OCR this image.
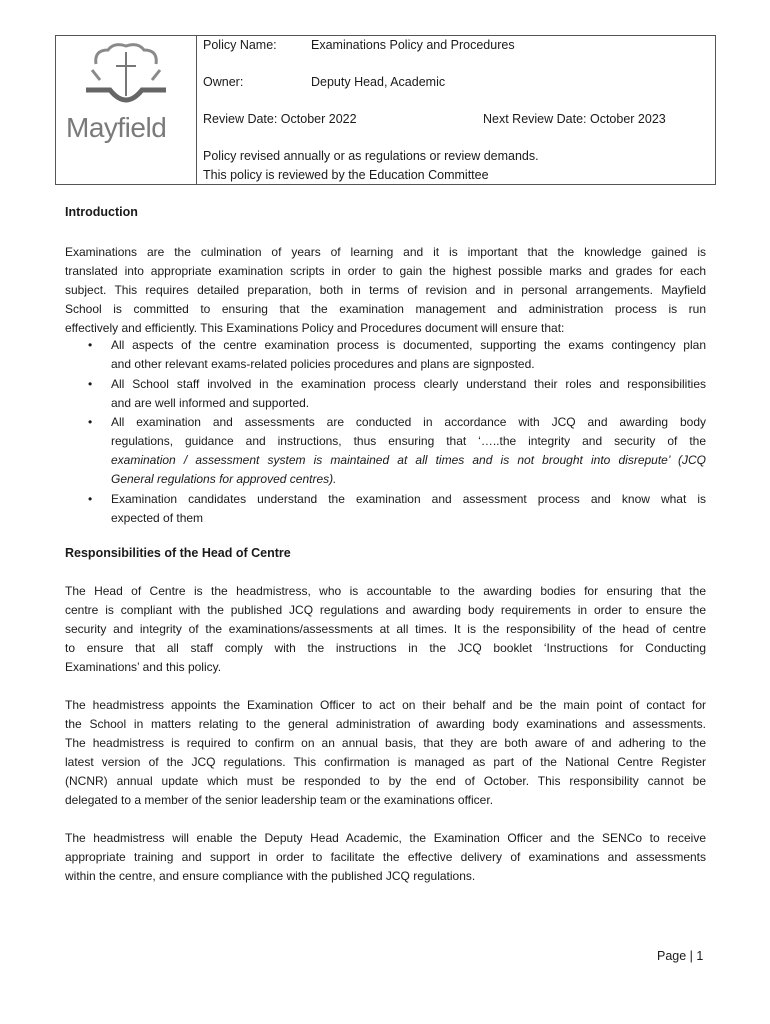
Mayfield
Policy Name:	Examinations Policy and Procedures
Owner:	Deputy Head, Academic
Review Date: October 2022	Next Review Date: October 2023
Policy revised annually or as regulations or review demands.
This policy is reviewed by the Education Committee
Introduction
Examinations are the culmination of years of learning and it is important that the knowledge gained is
translated into appropriate examination scripts in order to gain the highest possible marks and grades for each
subject. This requires detailed preparation, both in terms of revision and in personal arrangements. Mayfield
School is committed to ensuring that the examination management and administration process is run
effectively and efficiently. This Examinations Policy and Procedures document will ensure that:
• All aspects of the centre examination process is documented, supporting the exams contingency plan
and other relevant exams-related policies procedures and plans are signposted.
• All School staff involved in the examination process clearly understand their roles and responsibilities
and are well informed and supported.
• All examination and assessments are conducted in accordance with JCQ and awarding body
regulations, guidance and instructions, thus ensuring that ‘…..the integrity and security of the
examination / assessment system is maintained at all times and is not brought into disrepute’ (JCQ
General regulations for approved centres).
• Examination candidates understand the examination and assessment process and know what is
expected of them
Responsibilities of the Head of Centre
The Head of Centre is the headmistress, who is accountable to the awarding bodies for ensuring that the
centre is compliant with the published JCQ regulations and awarding body requirements in order to ensure the
security and integrity of the examinations/assessments at all times. It is the responsibility of the head of centre
to ensure that all staff comply with the instructions in the JCQ booklet ‘Instructions for Conducting
Examinations’ and this policy.
The headmistress appoints the Examination Officer to act on their behalf and be the main point of contact for
the School in matters relating to the general administration of awarding body examinations and assessments.
The headmistress is required to confirm on an annual basis, that they are both aware of and adhering to the
latest version of the JCQ regulations. This confirmation is managed as part of the National Centre Register
(NCNR) annual update which must be responded to by the end of October. This responsibility cannot be
delegated to a member of the senior leadership team or the examinations officer.
The headmistress will enable the Deputy Head Academic, the Examination Officer and the SENCo to receive
appropriate training and support in order to facilitate the effective delivery of examinations and assessments
within the centre, and ensure compliance with the published JCQ regulations.
Page | 1
